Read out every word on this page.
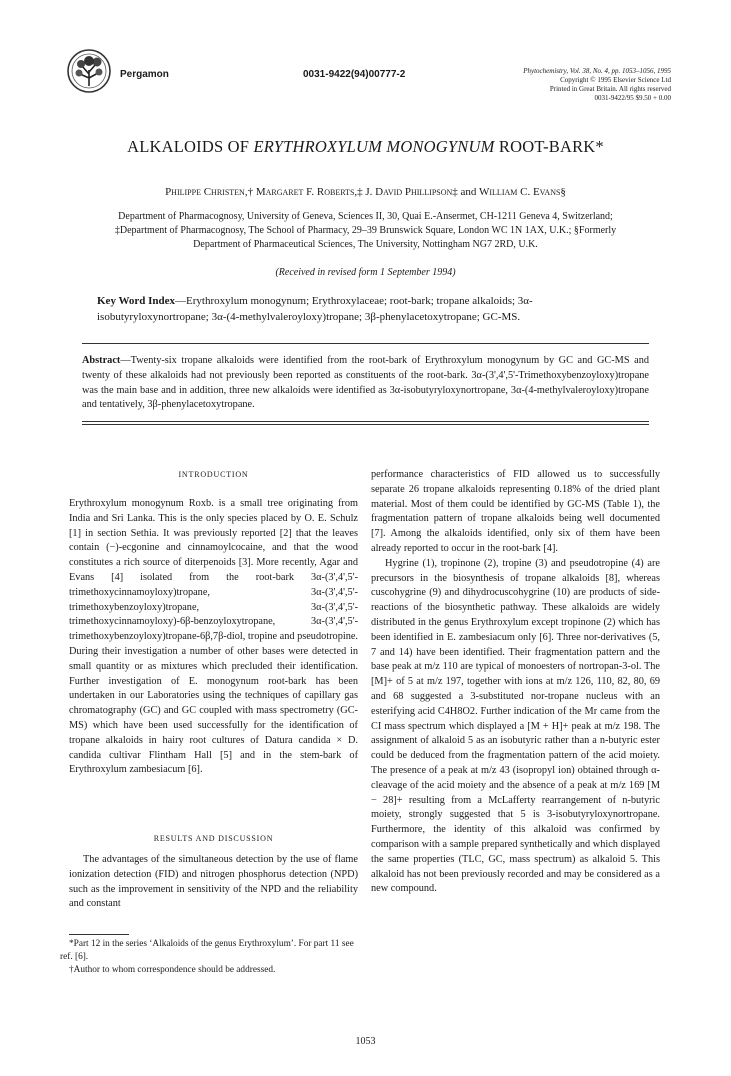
Pergamon	0031-9422(94)00777-2	Phytochemistry, Vol. 38, No. 4, pp. 1053–1056, 1995
Copyright © 1995 Elsevier Science Ltd
Printed in Great Britain. All rights reserved
0031-9422/95 $9.50 + 0.00
ALKALOIDS OF ERYTHROXYLUM MONOGYNUM ROOT-BARK*
Philippe Christen,† Margaret F. Roberts,‡ J. David Phillipson‡ and William C. Evans§
Department of Pharmacognosy, University of Geneva, Sciences II, 30, Quai E.-Ansermet, CH-1211 Geneva 4, Switzerland;
‡Department of Pharmacognosy, The School of Pharmacy, 29–39 Brunswick Square, London WC 1N 1AX, U.K.; §Formerly
Department of Pharmaceutical Sciences, The University, Nottingham NG7 2RD, U.K.
(Received in revised form 1 September 1994)
Key Word Index—Erythroxylum monogynum; Erythroxylaceae; root-bark; tropane alkaloids; 3α-isobutyryloxynortropane; 3α-(4-methylvaleroyloxy)tropane; 3β-phenylacetoxytropane; GC-MS.
Abstract—Twenty-six tropane alkaloids were identified from the root-bark of Erythroxylum monogynum by GC and GC-MS and twenty of these alkaloids had not previously been reported as constituents of the root-bark. 3α-(3',4',5'-Trimethoxybenzoyloxy)tropane was the main base and in addition, three new alkaloids were identified as 3α-isobutyryloxynortropane, 3α-(4-methylvaleroyloxy)tropane and tentatively, 3β-phenylacetoxytropane.
INTRODUCTION

Erythroxylum monogynum Roxb. is a small tree originating from India and Sri Lanka. This is the only species placed by O. E. Schulz [1] in section Sethia. It was previously reported [2] that the leaves contain (−)-ecgonine and cinnamoylcocaine, and that the wood constitutes a rich source of diterpenoids [3]. More recently, Agar and Evans [4] isolated from the root-bark 3α-(3',4',5'-trimethoxycinnamoyloxy)tropane, 3α-(3',4',5'-trimethoxybenzoyloxy)tropane, 3α-(3',4',5'-trimethoxycinnamoyloxy)-6β-benzoyloxytropane, 3α-(3',4',5'-trimethoxybenzoyloxy)tropane-6β,7β-diol, tropine and pseudotropine. During their investigation a number of other bases were detected in small quantity or as mixtures which precluded their identification. Further investigation of E. monogynum root-bark has been undertaken in our Laboratories using the techniques of capillary gas chromatography (GC) and GC coupled with mass spectrometry (GC-MS) which have been used successfully for the identification of tropane alkaloids in hairy root cultures of Datura candida × D. candida cultivar Flintham Hall [5] and in the stem-bark of Erythroxylum zambesiacum [6].

RESULTS AND DISCUSSION

The advantages of the simultaneous detection by the use of flame ionization detection (FID) and nitrogen phosphorus detection (NPD) such as the improvement in sensitivity of the NPD and the reliability and constant

*Part 12 in the series ‘Alkaloids of the genus Erythroxylum’. For part 11 see ref. [6].
†Author to whom correspondence should be addressed.

performance characteristics of FID allowed us to successfully separate 26 tropane alkaloids representing 0.18% of the dried plant material. Most of them could be identified by GC-MS (Table 1), the fragmentation pattern of tropane alkaloids being well documented [7]. Among the alkaloids identified, only six of them have been already reported to occur in the root-bark [4].

Hygrine (1), tropinone (2), tropine (3) and pseudotropine (4) are precursors in the biosynthesis of tropane alkaloids [8], whereas cuscohygrine (9) and dihydrocuscohygrine (10) are products of side-reactions of the biosynthetic pathway. These alkaloids are widely distributed in the genus Erythroxylum except tropinone (2) which has been identified in E. zambesiacum only [6]. Three nor-derivatives (5, 7 and 14) have been identified. Their fragmentation pattern and the base peak at m/z 110 are typical of monoesters of nortropan-3-ol. The [M]+ of 5 at m/z 197, together with ions at m/z 126, 110, 82, 80, 69 and 68 suggested a 3-substituted nor-tropane nucleus with an esterifying acid C4H8O2. Further indication of the Mr came from the CI mass spectrum which displayed a [M + H]+ peak at m/z 198. The assignment of alkaloid 5 as an isobutyric rather than a n-butyric ester could be deduced from the fragmentation pattern of the acid moiety. The presence of a peak at m/z 43 (isopropyl ion) obtained through α-cleavage of the acid moiety and the absence of a peak at m/z 169 [M − 28]+ resulting from a McLafferty rearrangement of n-butyric moiety, strongly suggested that 5 is 3-isobutyryloxynortropane. Furthermore, the identity of this alkaloid was confirmed by comparison with a sample prepared synthetically and which displayed the same properties (TLC, GC, mass spectrum) as alkaloid 5. This alkaloid has not been previously recorded and may be considered as a new compound.

1053
